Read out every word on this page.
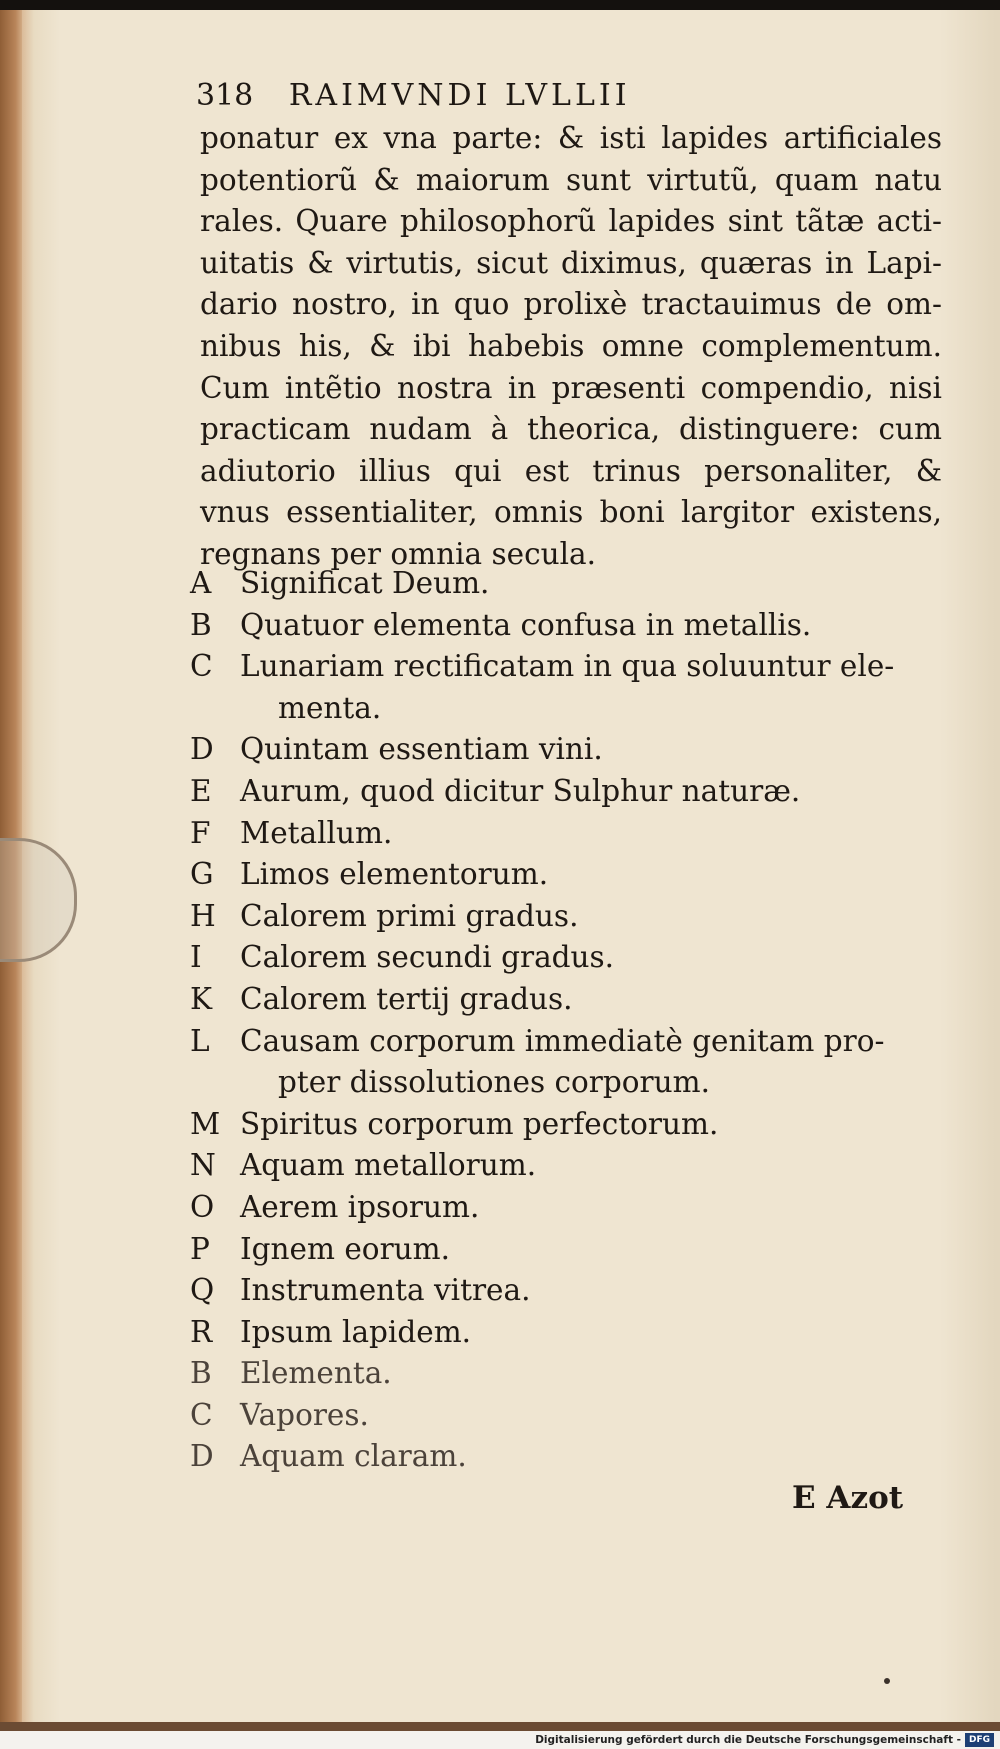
318 RAIMVNDI LVLLII
ponatur ex vna parte: & isti lapides artificiales
potentiorũ & maiorum sunt virtutũ, quam natu
rales. Quare philosophorũ lapides sint tãtæ acti-
uitatis & virtutis, sicut diximus, quæras in Lapi-
dario nostro, in quo prolixè tractauimus de om-
nibus his, & ibi habebis omne complementum.
Cum intẽtio nostra in præsenti compendio, nisi
practicam nudam à theorica, distinguere: cum
adiutorio illius qui est trinus personaliter, &
vnus essentialiter, omnis boni largitor existens,
regnans per omnia secula.
A Significat Deum.
B Quatuor elementa confusa in metallis.
C Lunariam rectificatam in qua soluuntur ele-
menta.
D Quintam essentiam vini.
E Aurum, quod dicitur Sulphur naturæ.
F	Metallum.
G Limos elementorum.
H Calorem primi gradus.
I	Calorem secundi gradus.
K Calorem tertij gradus.
L	Causam corporum immediatè genitam pro-
pter dissolutiones corporum.
M Spiritus corporum perfectorum.
N Aquam metallorum.
O Aerem ipsorum.
P	Ignem eorum.
Q Instrumenta vitrea.
R Ipsum lapidem.
B Elementa.
C Vapores.
D Aquam claram.
E Azot
Digitalisierung gefördert durch die Deutsche Forschungsgemeinschaft - DFG
